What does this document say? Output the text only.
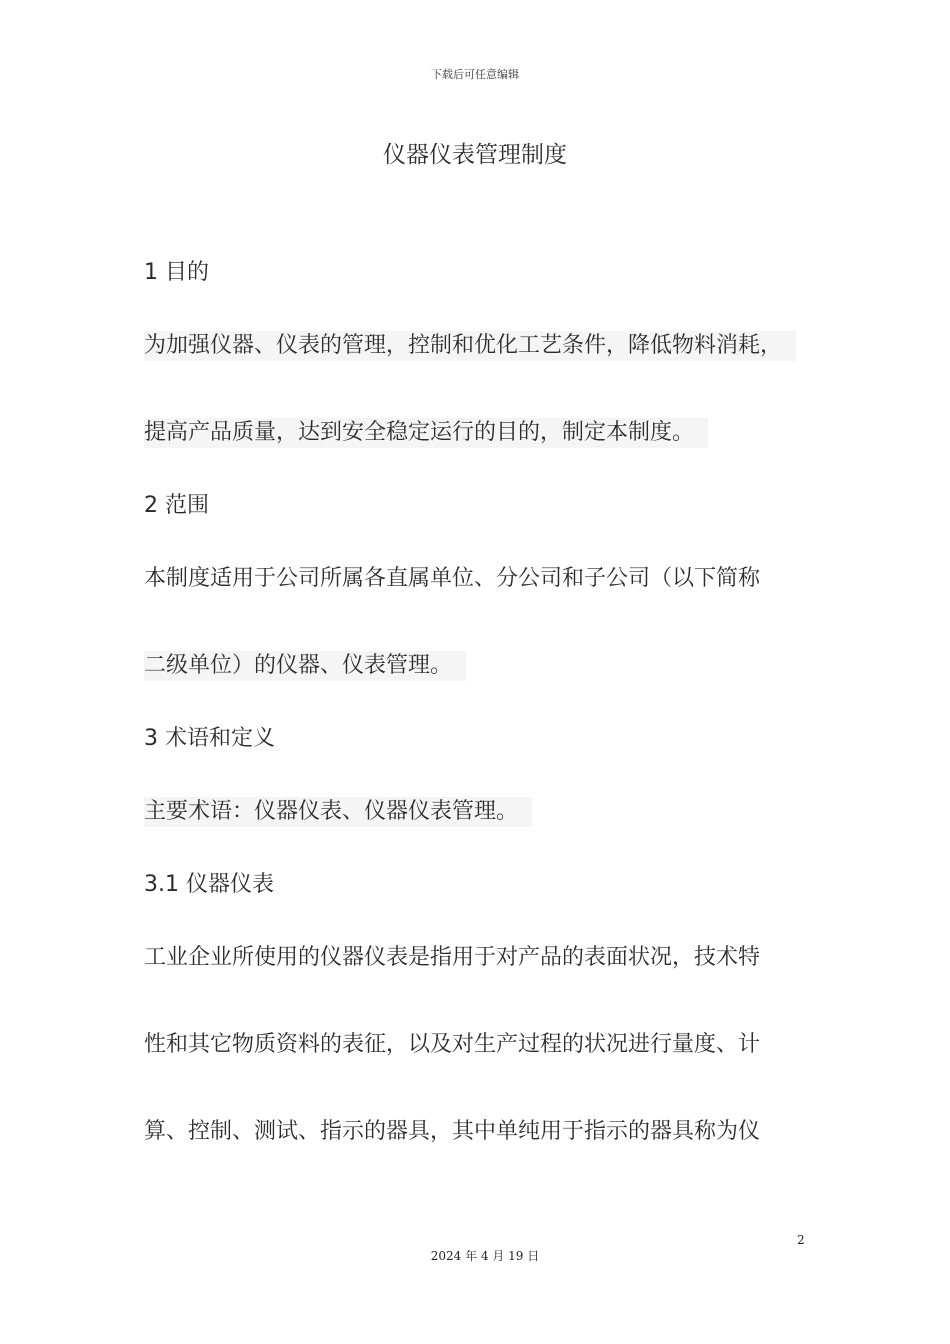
下载后可任意编辑
仪器仪表管理制度
1 目的
为加强仪器、仪表的管理，控制和优化工艺条件，降低物料消耗，
提高产品质量，达到安全稳定运行的目的，制定本制度。
2 范围
本制度适用于公司所属各直属单位、分公司和子公司（以下简称
二级单位）的仪器、仪表管理。
3 术语和定义
主要术语：仪器仪表、仪器仪表管理。
3.1 仪器仪表
工业企业所使用的仪器仪表是指用于对产品的表面状况，技术特
性和其它物质资料的表征，以及对生产过程的状况进行量度、计
算、控制、测试、指示的器具，其中单纯用于指示的器具称为仪
2
2024 年 4 月 19 日
